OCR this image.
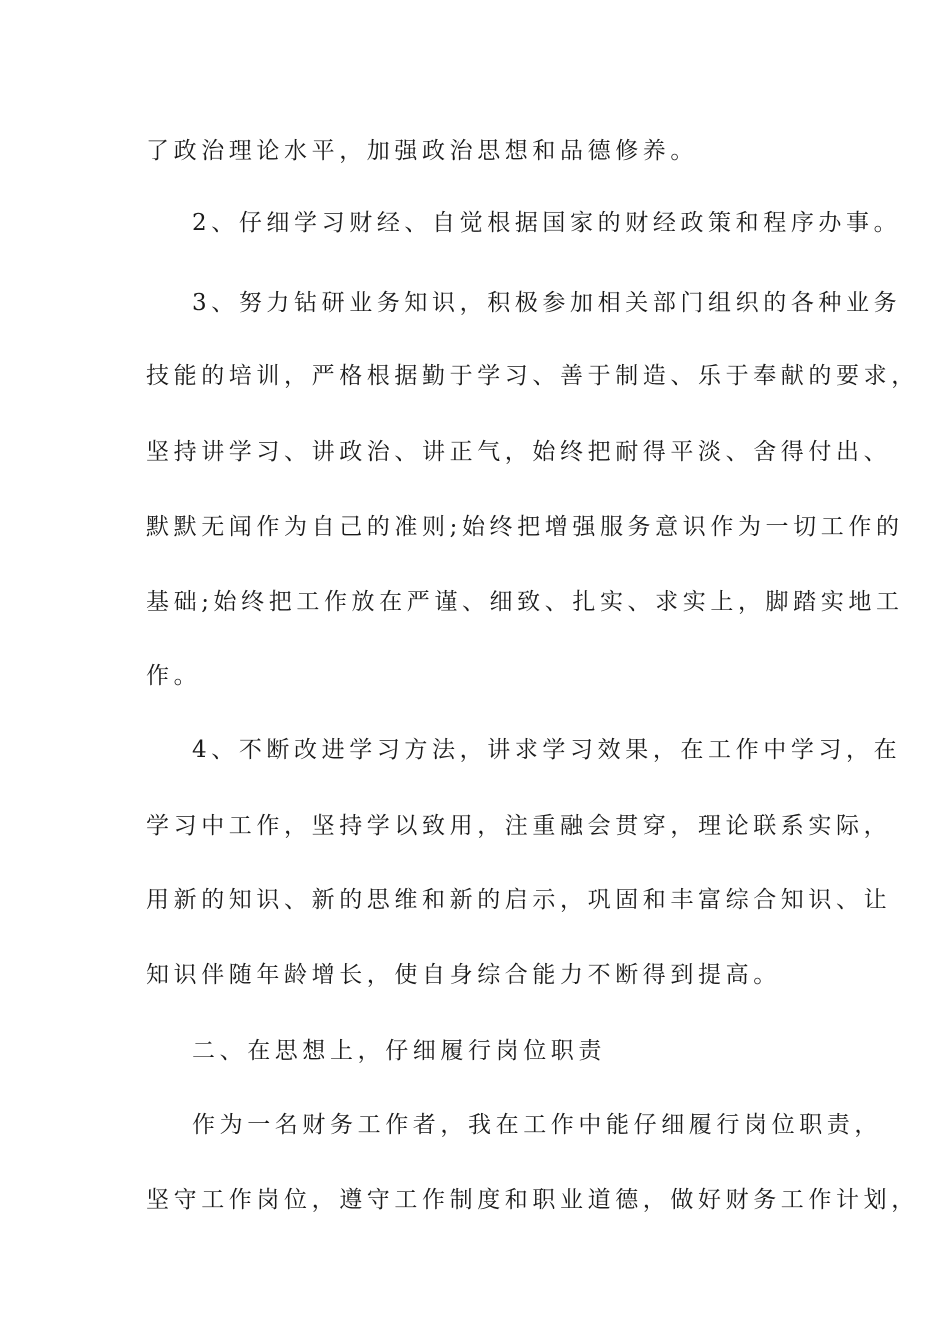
了政治理论水平，加强政治思想和品德修养。
2、仔细学习财经、自觉根据国家的财经政策和程序办事。
3、努力钻研业务知识，积极参加相关部门组织的各种业务
技能的培训，严格根据勤于学习、善于制造、乐于奉献的要求，
坚持讲学习、讲政治、讲正气，始终把耐得平淡、舍得付出、
默默无闻作为自己的准则;始终把增强服务意识作为一切工作的
基础;始终把工作放在严谨、细致、扎实、求实上，脚踏实地工
作。
4、不断改进学习方法，讲求学习效果，在工作中学习，在
学习中工作，坚持学以致用，注重融会贯穿，理论联系实际，
用新的知识、新的思维和新的启示，巩固和丰富综合知识、让
知识伴随年龄增长，使自身综合能力不断得到提高。
二、在思想上，仔细履行岗位职责
作为一名财务工作者，我在工作中能仔细履行岗位职责，
坚守工作岗位，遵守工作制度和职业道德，做好财务工作计划，
